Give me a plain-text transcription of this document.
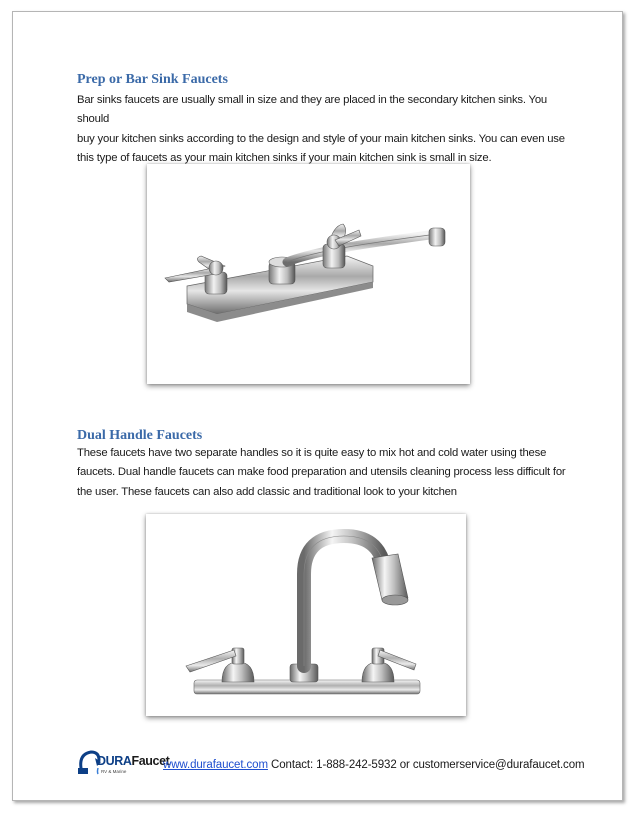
Prep or Bar Sink Faucets
Bar sinks faucets are usually small in size and they are placed in the secondary kitchen sinks. You should
buy your kitchen sinks according to the design and style of your main kitchen sinks. You can even use
this type of faucets as your main kitchen sinks if your main kitchen sink is small in size.
Dual Handle Faucets
These faucets have two separate handles so it is quite easy to mix hot and cold water using these
faucets. Dual handle faucets can make food preparation and utensils cleaning process less difficult for
the user. These faucets can also add classic and traditional look to your kitchen
DURAFaucet
RV & Marine
www.durafaucet.com Contact: 1-888-242-5932 or customerservice@durafaucet.com
